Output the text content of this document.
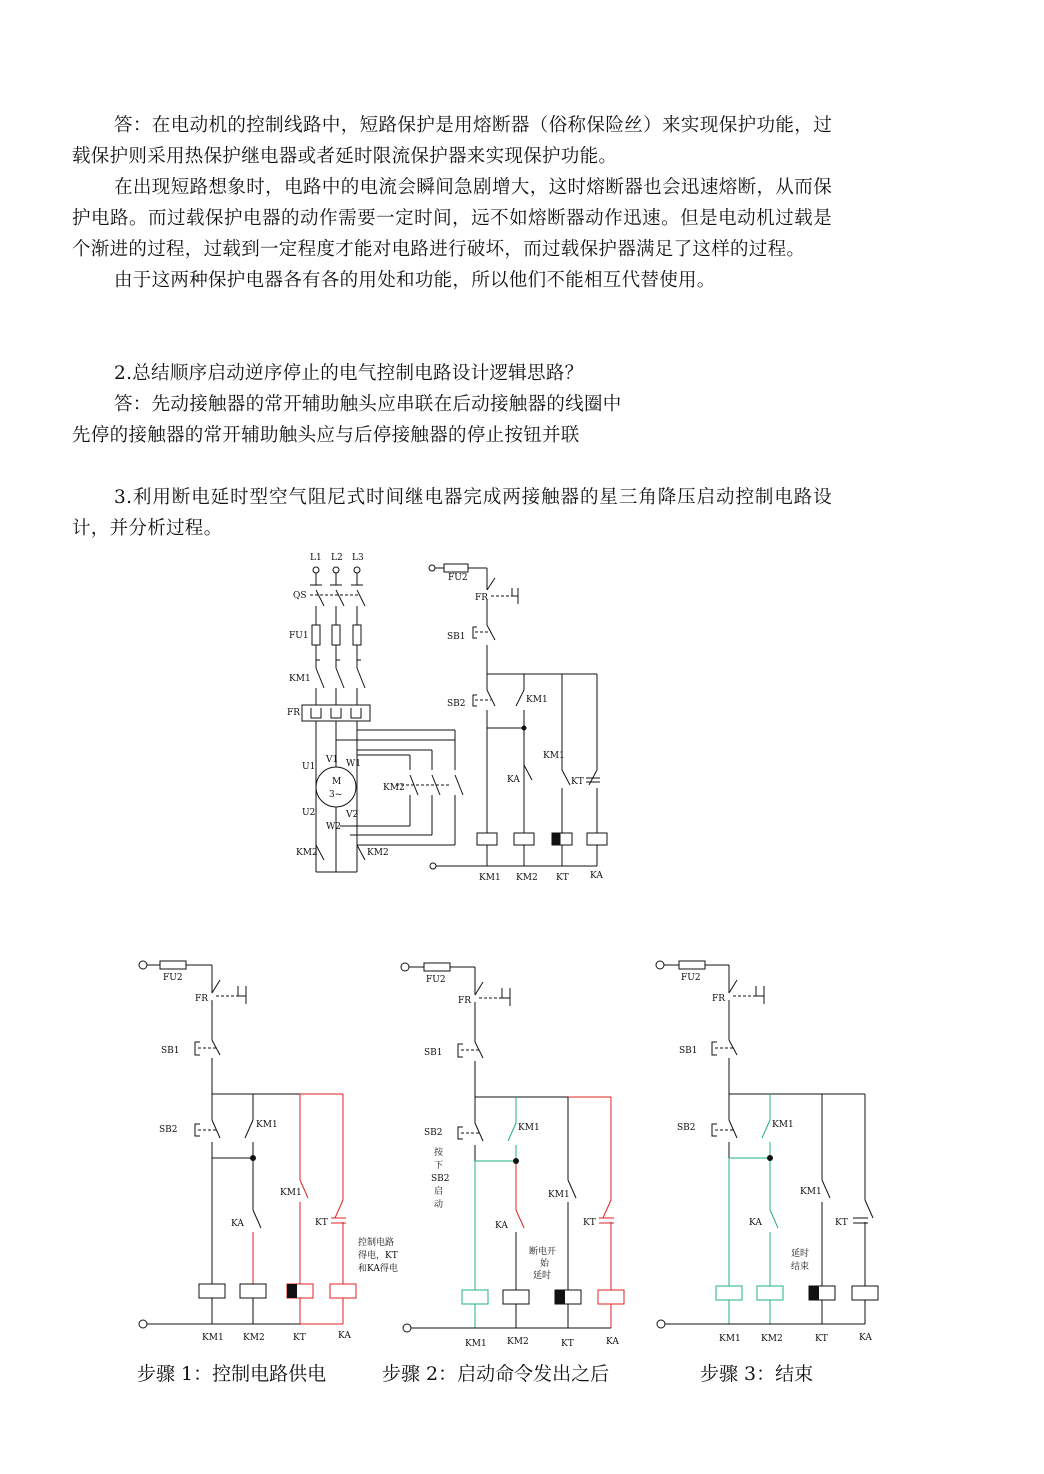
答：在电动机的控制线路中，短路保护是用熔断器（俗称保险丝）来实现保护功能，过载保护则采用热保护继电器或者延时限流保护器来实现保护功能。

在出现短路想象时，电路中的电流会瞬间急剧增大，这时熔断器也会迅速熔断，从而保护电路。而过载保护电器的动作需要一定时间，远不如熔断器动作迅速。但是电动机过载是个渐进的过程，过载到一定程度才能对电路进行破坏，而过载保护器满足了这样的过程。

由于这两种保护电器各有各的用处和功能，所以他们不能相互代替使用。

2.总结顺序启动逆序停止的电气控制电路设计逻辑思路？

答：先动接触器的常开辅助触头应串联在后动接触器的线圈中

先停的接触器的常开辅助触头应与后停接触器的停止按钮并联

3.利用断电延时型空气阻尼式时间继电器完成两接触器的星三角降压启动控制电路设计，并分析过程。

L1 L2 L3
QS
FU1
KM1
FR
M
3~
U1
V1 W1
U2	V2
W2
KM2
KM2	KM2
FU2
FR
SB1
SB2	KM1
KA
KM1
KT
KM1 KM2 KT KA
FU2
FR
SB1
SB2	KM1
KA
KM1
KT
控制电路
得电，KT
和KA得电
KM1 KM2	KT	KA
步骤 1：控制电路供电
FU2
FR
SB1
SB2	KM1
按
下
SB2
启
动
KA
KM1
KT
断电开
始
延时
KM1 KM2	KT	KA
步骤 2：启动命令发出之后
FU2
FR
SB1
SB2	KM1
KA
KM1
KT
延时
结束
KM1 KM2	KT	KA
步骤 3：结束
